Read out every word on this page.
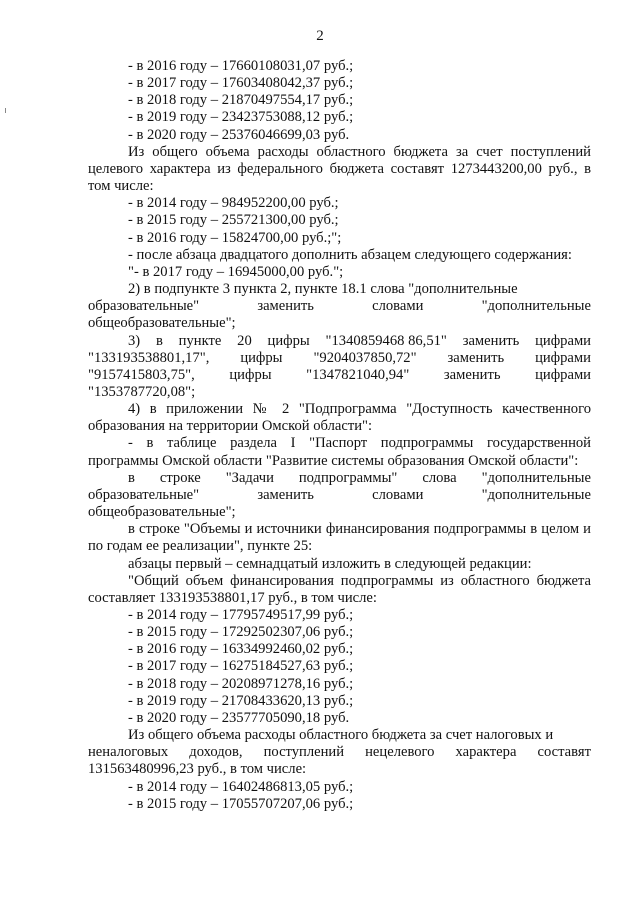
2

- в 2016 году – 17660108031,07 руб.;

- в 2017 году – 17603408042,37 руб.;

- в 2018 году – 21870497554,17 руб.;

- в 2019 году – 23423753088,12 руб.;

- в 2020 году – 25376046699,03 руб.

Из общего объема расходы областного бюджета за счет поступлений целевого характера из федерального бюджета составят 1273443200,00 руб., в том числе:

- в 2014 году – 984952200,00 руб.;

- в 2015 году – 255721300,00 руб.;

- в 2016 году – 15824700,00 руб.;";

- после абзаца двадцатого дополнить абзацем следующего содержания:

"- в 2017 году – 16945000,00 руб.";

2) в подпункте 3 пункта 2, пункте 18.1 слова "дополнительные

образовательные"	заменить	словами	"дополнительные

общеобразовательные";

3) в пункте 20 цифры "1340859468 86,51" заменить цифрами
"133193538801,17", цифры "9204037850,72" заменить цифрами
"9157415803,75", цифры "1347821040,94" заменить цифрами

"1353787720,08";

4) в приложении № 2 "Подпрограмма "Доступность качественного образования на территории Омской области":

- в таблице раздела I "Паспорт подпрограммы государственной программы Омской области "Развитие системы образования Омской области":

в строке "Задачи подпрограммы" слова "дополнительные
образовательные"	заменить	словами	"дополнительные

общеобразовательные";

в строке "Объемы и источники финансирования подпрограммы в целом и по годам ее реализации", пункте 25:

абзацы первый – семнадцатый изложить в следующей редакции:

"Общий объем финансирования подпрограммы из областного бюджета составляет 133193538801,17 руб., в том числе:

- в 2014 году – 17795749517,99 руб.;

- в 2015 году – 17292502307,06 руб.;

- в 2016 году – 16334992460,02 руб.;

- в 2017 году – 16275184527,63 руб.;

- в 2018 году – 20208971278,16 руб.;

- в 2019 году – 21708433620,13 руб.;

- в 2020 году – 23577705090,18 руб.

Из общего объема расходы областного бюджета за счет налоговых и

неналоговых доходов, поступлений нецелевого характера составят

131563480996,23 руб., в том числе:

- в 2014 году – 16402486813,05 руб.;

- в 2015 году – 17055707207,06 руб.;
